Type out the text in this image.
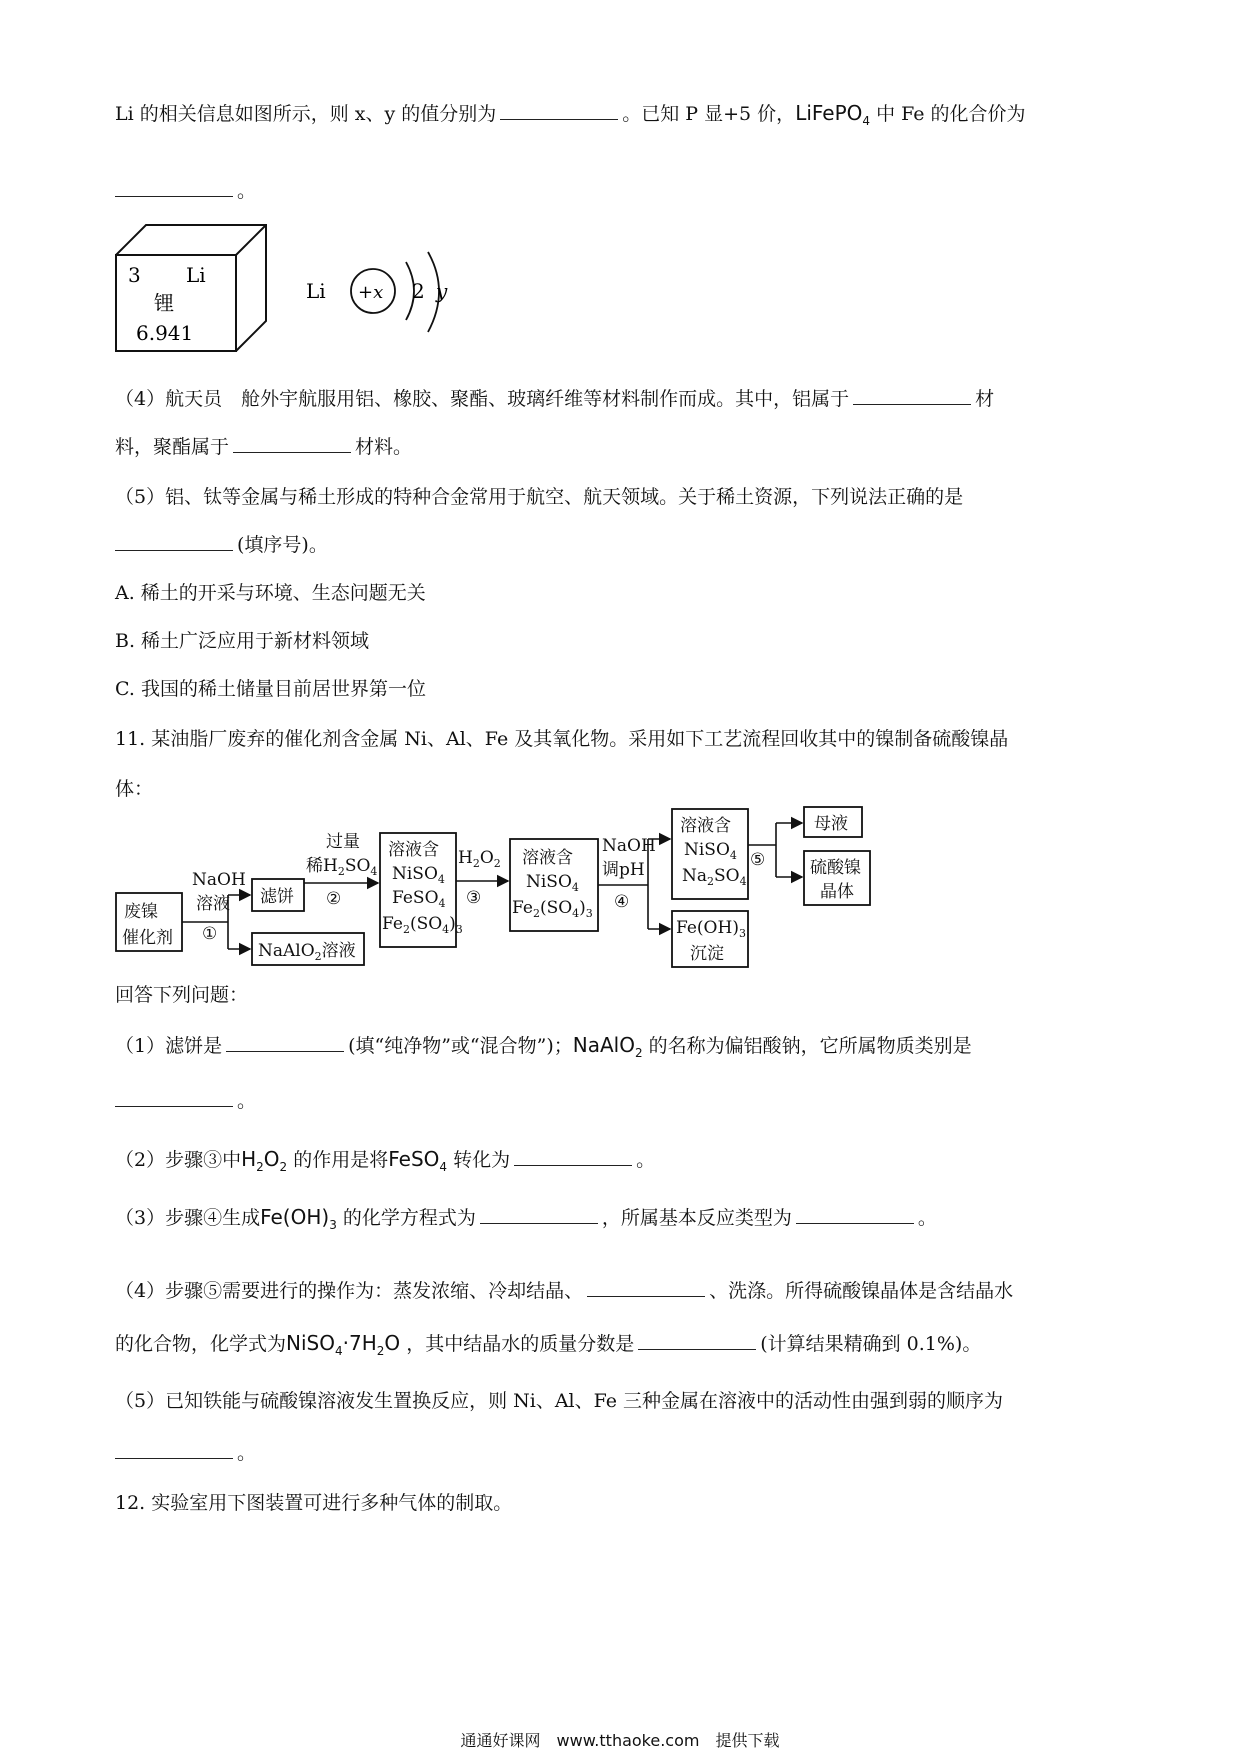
Li 的相关信息如图所示，则 x、y 的值分别为	。已知 P 显+5 价，LiFePO$_4$ 中 Fe 的化合价为
。
3 Li
锂
6.941
Li +x 2 y
（4）航天员　舱外宇航服用铝、橡胶、聚酯、玻璃纤维等材料制作而成。其中，铝属于	材
料，聚酯属于	材料。
（5）铝、钛等金属与稀土形成的特种合金常用于航空、航天领域。关于稀土资源，下列说法正确的是
(填序号)。
A. 稀土的开采与环境、生态问题无关
B. 稀土广泛应用于新材料领域
C. 我国的稀土储量目前居世界第一位
11. 某油脂厂废弃的催化剂含金属 Ni、Al、Fe 及其氧化物。采用如下工艺流程回收其中的镍制备硫酸镍晶
体：
废镍
催化剂
NaOH
溶液
①
滤饼
NaAlO$_2$溶液
过量
稀$H_2SO_4$
②
溶液含
NiSO$_4$
FeSO$_4$
$Fe_2(SO_4)_3$
$H_2O_2$
③
溶液含
NiSO$_4$
$Fe_2(SO_4)_3$
NaOH
调pH
④
溶液含
NiSO$_4$
$Na_2SO_4$
$Fe(OH)_3$
沉淀
⑤
母液
硫酸镍
晶体
回答下列问题：
（1）滤饼是	(填“纯净物”或“混合物”)；NaAlO$_2$ 的名称为偏铝酸钠，它所属物质类别是
。
（2）步骤③中$H_2O_2$ 的作用是将FeSO$_4$ 转化为	。
（3）步骤④生成$Fe(OH)_3$ 的化学方程式为	，所属基本反应类型为	。
（4）步骤⑤需要进行的操作为：蒸发浓缩、冷却结晶、	、洗涤。所得硫酸镍晶体是含结晶水
的化合物，化学式为$NiSO_4\cdot 7H_2O$ ，其中结晶水的质量分数是	(计算结果精确到 0.1%)。
（5）已知铁能与硫酸镍溶液发生置换反应，则 Ni、Al、Fe 三种金属在溶液中的活动性由强到弱的顺序为
。
12. 实验室用下图装置可进行多种气体的制取。
通通好课网　www.tthaoke.com　提供下载
